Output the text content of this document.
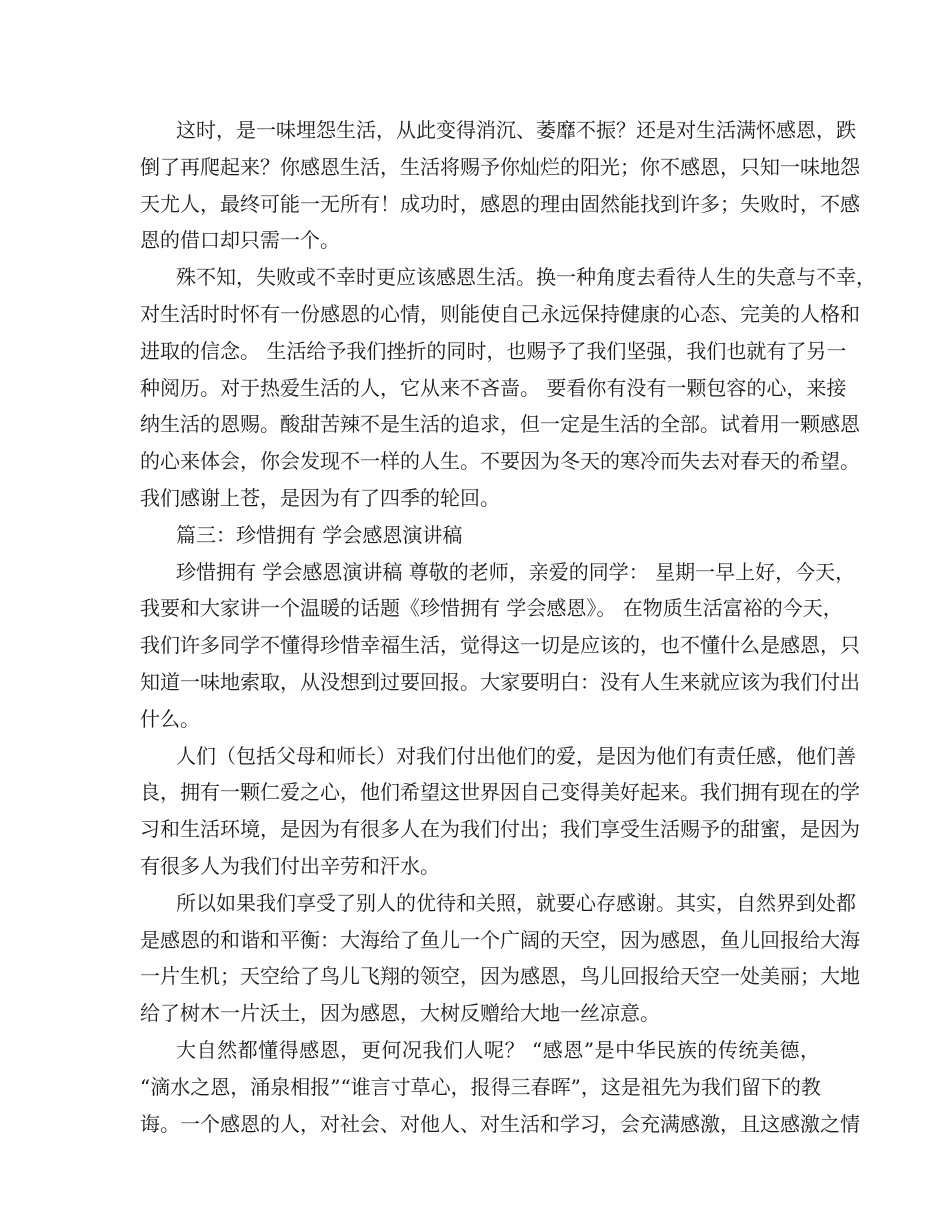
这时，是一味埋怨生活，从此变得消沉、萎靡不振？还是对生活满怀感恩，跌
倒了再爬起来？你感恩生活，生活将赐予你灿烂的阳光；你不感恩，只知一味地怨
天尤人，最终可能一无所有！成功时，感恩的理由固然能找到许多；失败时，不感
恩的借口却只需一个。
殊不知，失败或不幸时更应该感恩生活。换一种角度去看待人生的失意与不幸，
对生活时时怀有一份感恩的心情，则能使自己永远保持健康的心态、完美的人格和
进取的信念。 生活给予我们挫折的同时，也赐予了我们坚强，我们也就有了另一
种阅历。对于热爱生活的人，它从来不吝啬。 要看你有没有一颗包容的心，来接
纳生活的恩赐。酸甜苦辣不是生活的追求，但一定是生活的全部。试着用一颗感恩
的心来体会，你会发现不一样的人生。不要因为冬天的寒冷而失去对春天的希望。
我们感谢上苍，是因为有了四季的轮回。
篇三：珍惜拥有 学会感恩演讲稿
珍惜拥有 学会感恩演讲稿 尊敬的老师，亲爱的同学： 星期一早上好，今天，
我要和大家讲一个温暖的话题《珍惜拥有 学会感恩》。 在物质生活富裕的今天，
我们许多同学不懂得珍惜幸福生活，觉得这一切是应该的，也不懂什么是感恩，只
知道一味地索取，从没想到过要回报。大家要明白：没有人生来就应该为我们付出
什么。
人们（包括父母和师长）对我们付出他们的爱，是因为他们有责任感，他们善
良，拥有一颗仁爱之心，他们希望这世界因自己变得美好起来。我们拥有现在的学
习和生活环境，是因为有很多人在为我们付出；我们享受生活赐予的甜蜜，是因为
有很多人为我们付出辛劳和汗水。
所以如果我们享受了别人的优待和关照，就要心存感谢。其实，自然界到处都
是感恩的和谐和平衡：大海给了鱼儿一个广阔的天空，因为感恩，鱼儿回报给大海
一片生机；天空给了鸟儿飞翔的领空，因为感恩，鸟儿回报给天空一处美丽；大地
给了树木一片沃土，因为感恩，大树反赠给大地一丝凉意。
大自然都懂得感恩，更何况我们人呢？ “感恩”是中华民族的传统美德，
“滴水之恩，涌泉相报”“谁言寸草心，报得三春晖”，这是祖先为我们留下的教
诲。一个感恩的人，对社会、对他人、对生活和学习，会充满感激，且这感激之情
